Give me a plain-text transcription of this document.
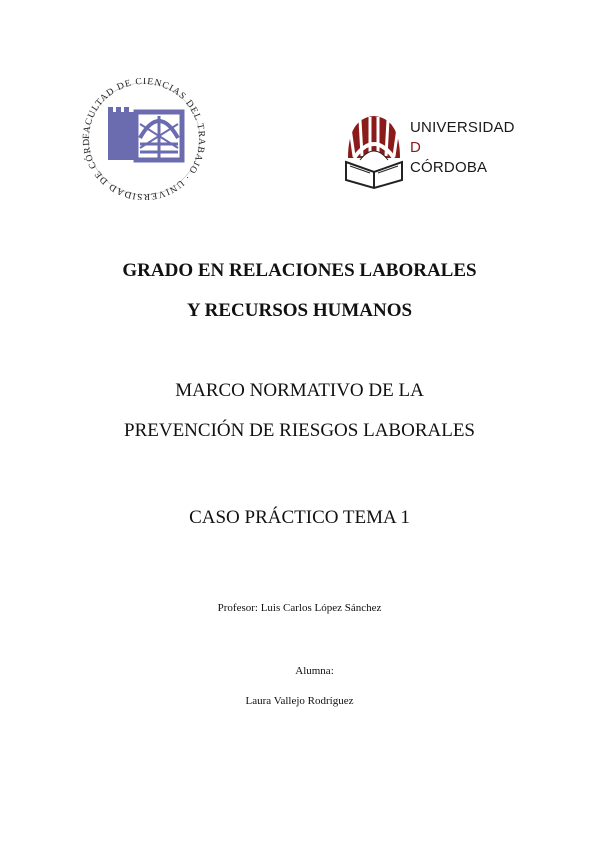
FACULTAD DE CIENCIAS DEL TRABAJO · UNIVERSIDAD DE CÓRD
UNIVERSIDAD
D
CÓRDOBA
GRADO EN RELACIONES LABORALES
Y RECURSOS HUMANOS
MARCO NORMATIVO DE LA
PREVENCIÓN DE RIESGOS LABORALES
CASO PRÁCTICO TEMA 1
Profesor: Luis Carlos López Sánchez
Alumna:
Laura Vallejo Rodríguez
